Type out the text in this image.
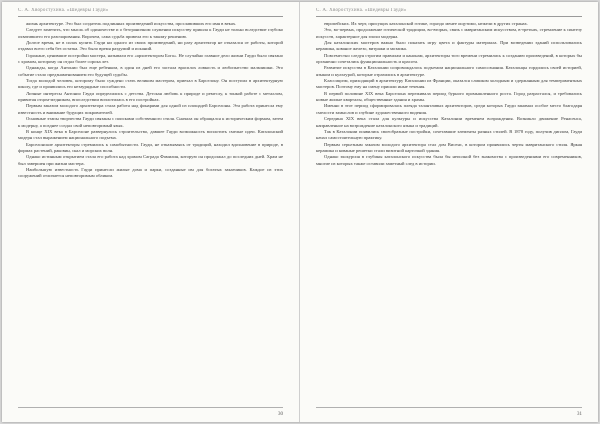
С. А. Хворостухина. «Шедевры Гауди»

жизнь архитектуре. Это был создатель подлинных произведений искусства, прославивших его имя в веках.

Следует заметить, что мысль об одиночестве и о безграничном служении искусству пришла к Гауди не только вследствие глубоко охватившего его разочарования. Впрочем, сама судьба привела его к такому решению.

Долгое время, не в силах купить Гауди ни одного из своих произведений, ни разу архитектор не отказался от работы, которой отдавал всего себя без остатка. Это было время раздумий и исканий.

Горожане, ценившие постройки мастера, называли его «архитектором Бога». Не случайно главное дело жизни Гауди было связано с храмом, которому он отдал более сорока лет.

Однажды, когда Антонио был еще ребенком, в один из дней его застала врасплох ловкость и любопытство мальчишки. Это событие стало предзнаменованием его будущей судьбы.

Тогда молодой человек, которому было суждено стать великим мастером, приехал в Барселону. Он поступил в архитектурную школу, где и проявились его незаурядные способности.

Личные интересы Антонио Гауди определились с детства. Детская любовь к природе и ремеслу, к тонкой работе с металлом, привитая отцом-медником, впоследствии воплотилась в его постройках.

Первым заказом молодого архитектора стала работа над фонарями для одной из площадей Барселоны. Эта работа принесла ему известность и внимание будущих покровителей.

Основные этапы творчества Гауди связаны с поисками собственного стиля. Сначала он обращался к историческим формам, затем к модерну, а позднее создал свой неповторимый язык.

В конце XIX века в Барселоне развернулось строительство, давшее Гауди возможность воплотить смелые идеи. Каталонский модерн стал выражением национального подъема.

Барселонские архитекторы стремились к самобытности. Гауди, не отказываясь от традиций, находил вдохновение в природе, в формах растений, раковин, скал и морских волн.

Однако истинным открытием стала его работа над храмом Саграда Фамилия, которую он продолжал до последних дней. Храм не был завершен при жизни мастера.

Наибольшую известность Гауди принесли жилые дома и парки, созданные им для богатых заказчиков. Каждое из этих сооружений отличается неповторимым обликом.

30
С. А. Хворостухина. «Шедевры Гауди»

европейских. Их черт, присущих каталонской готике, гораздо менее ощутимо, нежели в других странах.

Это, во-первых, продолжение готической традиции, во-вторых, связь с мавританским искусством, в-третьих, стремление к синтезу искусств, характерное для эпохи модерна.

Для каталонских мастеров важно было показать игру цвета и фактуры материала. При возведении зданий использовались керамика, кованое железо, витражи и мозаика.

Повсеместно следуя строгим правилам и канонам, архитекторы того времени стремились к созданию произведений, в которых бы органично сочетались функциональность и красота.

Развитие искусства в Каталонии сопровождалось подъемом национального самосознания. Каталонцы гордились своей историей, языком и культурой, которые отразились в архитектуре.

Классицизм, приходящий в архитектуру Каталонии из Франции, оказался слишком холодным и сдержанным для темпераментных мастеров. Поэтому ему на смену пришли иные течения.

В первой половине XIX века Барселона переживала период бурного промышленного роста. Город разрастался, и требовались новые жилые кварталы, общественные здания и храмы.

Именно в этот период сформировалась плеяда талантливых архитекторов, среди которых Гауди занимал особое место благодаря смелости замыслов и глубине художественного видения.

Середина XIX века стала для культуры и искусства Каталонии временем возрождения. Возникло движение Ренасенса, направленное на возрождение каталонского языка и традиций.

Так в Каталонии появились своеобразные постройки, сочетавшие элементы разных стилей. В 1878 году, получив диплом, Гауди начал самостоятельную практику.

Первым серьезным заказом молодого архитектора стал дом Висенс, в котором проявились черты мавританского стиля. Яркая керамика и кованые решетки стали визитной карточкой здания.

Однако экскурсия в глубины каталонского искусства была бы неполной без знакомства с произведениями его современников, многие из которых также оставили заметный след в истории.

31
